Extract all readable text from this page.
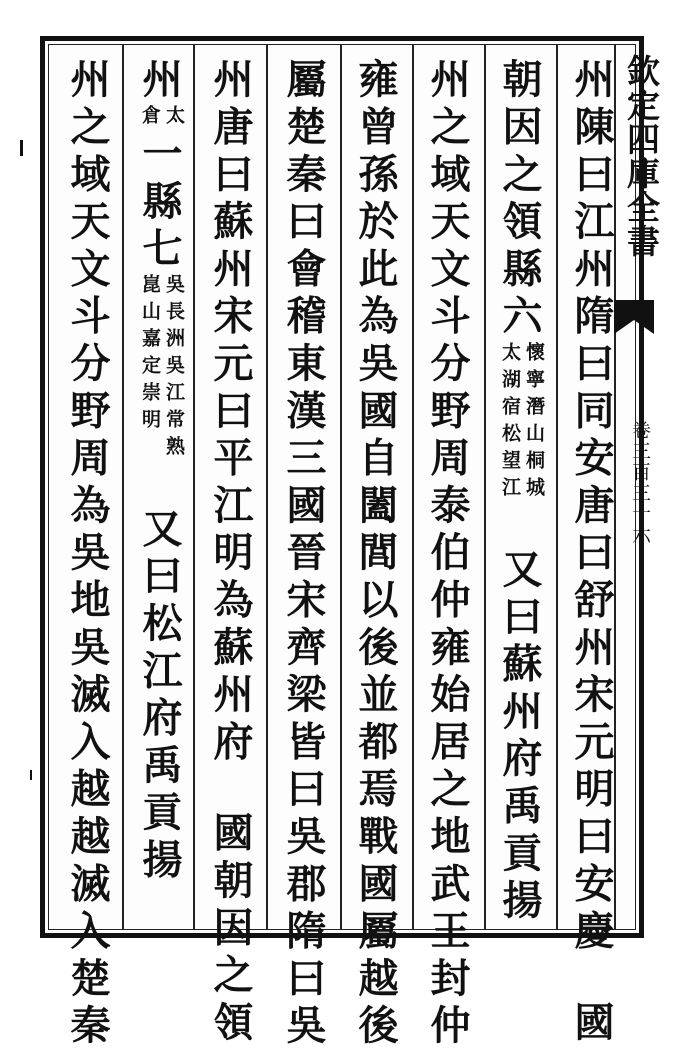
欽定四庫全書
卷三百三十六
州陳曰江州隋曰同安唐曰舒州宋元明曰安慶國
朝因之領縣六
懷寧潛山桐城
太湖宿松望江
又曰蘇州府禹貢揚
州之域天文斗分野周泰伯仲雍始居之地武王封仲
雍曾孫於此為吳國自闔閭以後並都焉戰國屬越後
屬楚秦曰會稽東漢三國晉宋齊梁皆曰吳郡隋曰吳
州唐曰蘇州宋元曰平江明為蘇州府國朝因之領
州
太
倉
一縣七
吳長洲吳江常熟
崑山嘉定崇明
又曰松江府禹貢揚
州之域天文斗分野周為吳地吳滅入越越滅入楚秦
